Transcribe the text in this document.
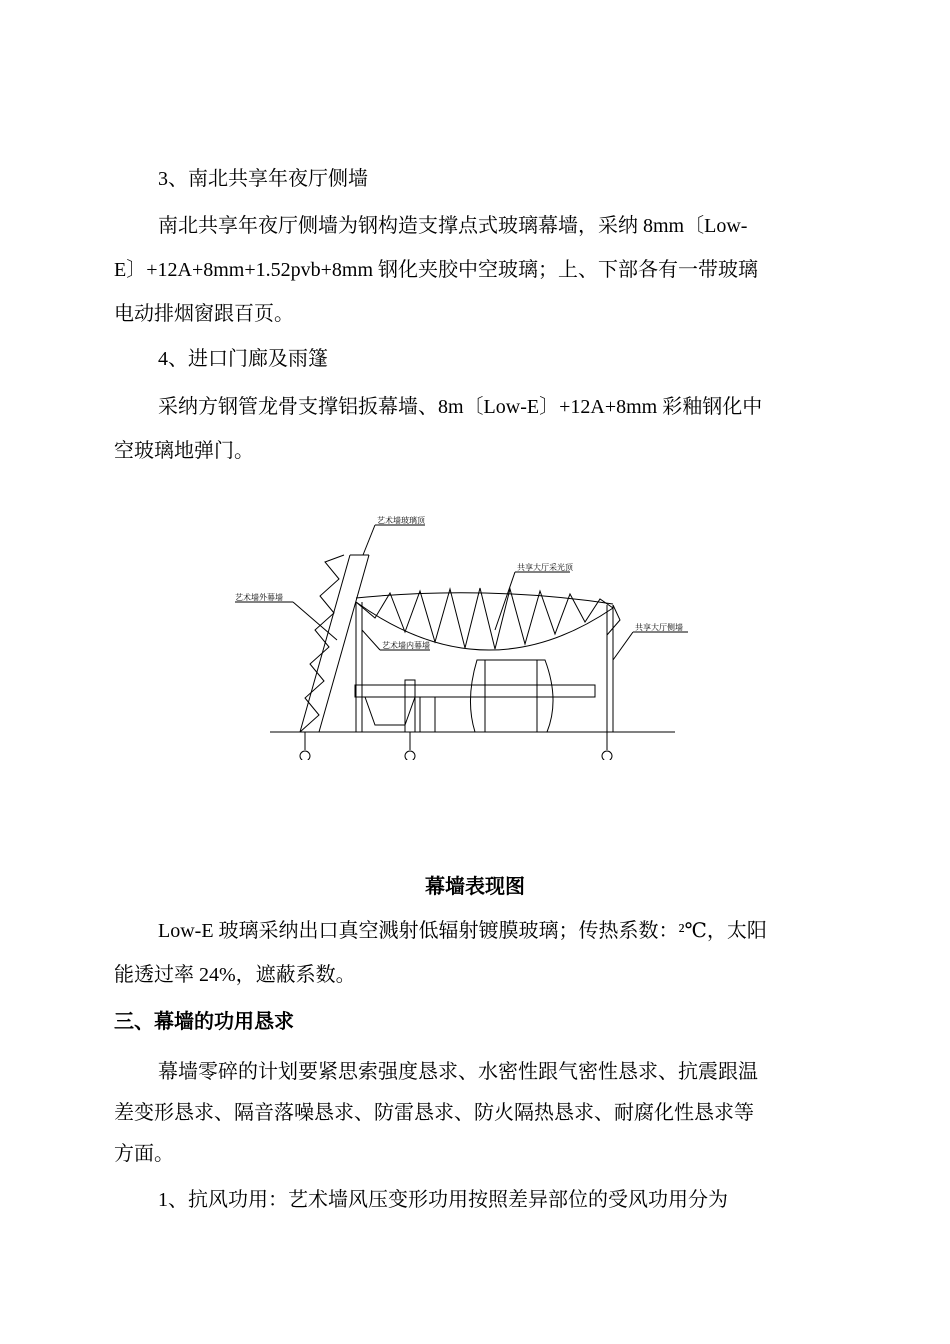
3、南北共享年夜厅侧墙
南北共享年夜厅侧墙为钢构造支撑点式玻璃幕墙，采纳 8mm〔Low-
E〕+12A+8mm+1.52pvb+8mm 钢化夹胶中空玻璃；上、下部各有一带玻璃
电动排烟窗跟百页。
4、进口门廊及雨篷
采纳方钢管龙骨支撑铝扳幕墙、8m〔Low-E〕+12A+8mm 彩釉钢化中
空玻璃地弹门。
艺术墙玻璃顶
艺术墙外幕墙
共享大厅采光顶
艺术墙内幕墙
共享大厅侧墙
幕墙表现图
Low-E 玻璃采纳出口真空溅射低辐射镀膜玻璃；传热系数：²℃，太阳
能透过率 24%，遮蔽系数。
三、幕墙的功用恳求
幕墙零碎的计划要紧思索强度恳求、水密性跟气密性恳求、抗震跟温
差变形恳求、隔音落噪恳求、防雷恳求、防火隔热恳求、耐腐化性恳求等
方面。
1、抗风功用：艺术墙风压变形功用按照差异部位的受风功用分为
